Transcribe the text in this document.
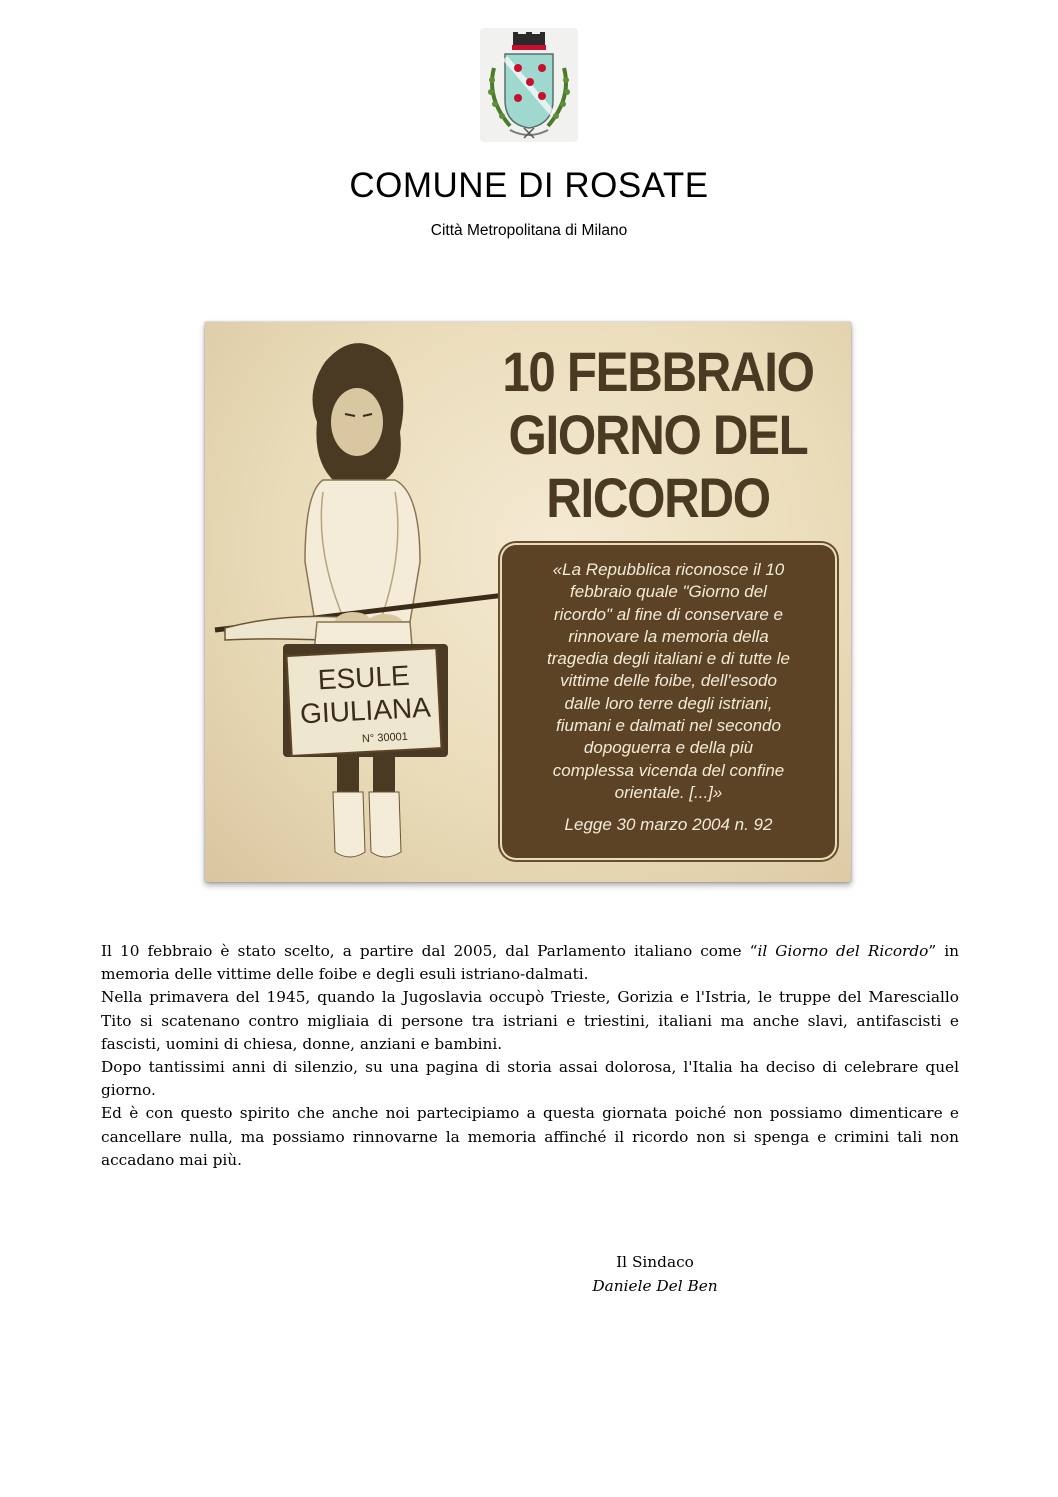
COMUNE DI ROSATE
Città Metropolitana di Milano
ESULE
GIULIANA
N° 30001
10 FEBBRAIO
GIORNO DEL
RICORDO
«La Repubblica riconosce il 10
febbraio quale "Giorno del
ricordo" al fine di conservare e
rinnovare la memoria della
tragedia degli italiani e di tutte le
vittime delle foibe, dell'esodo
dalle loro terre degli istriani,
fiumani e dalmati nel secondo
dopoguerra e della più
complessa vicenda del confine
orientale. [...]»
Legge 30 marzo 2004 n. 92

Il 10 febbraio è stato scelto, a partire dal 2005, dal Parlamento italiano come “il Giorno del Ricordo” in memoria delle vittime delle foibe e degli esuli istriano-dalmati.

Nella primavera del 1945, quando la Jugoslavia occupò Trieste, Gorizia e l'Istria, le truppe del Maresciallo Tito si scatenano contro migliaia di persone tra istriani e triestini, italiani ma anche slavi, antifascisti e fascisti, uomini di chiesa, donne, anziani e bambini.

Dopo tantissimi anni di silenzio, su una pagina di storia assai dolorosa, l'Italia ha deciso di celebrare quel giorno.

Ed è con questo spirito che anche noi partecipiamo a questa giornata poiché non possiamo dimenticare e cancellare nulla, ma possiamo rinnovarne la memoria affinché il ricordo non si spenga e crimini tali non accadano mai più.

Il Sindaco
Daniele Del Ben
